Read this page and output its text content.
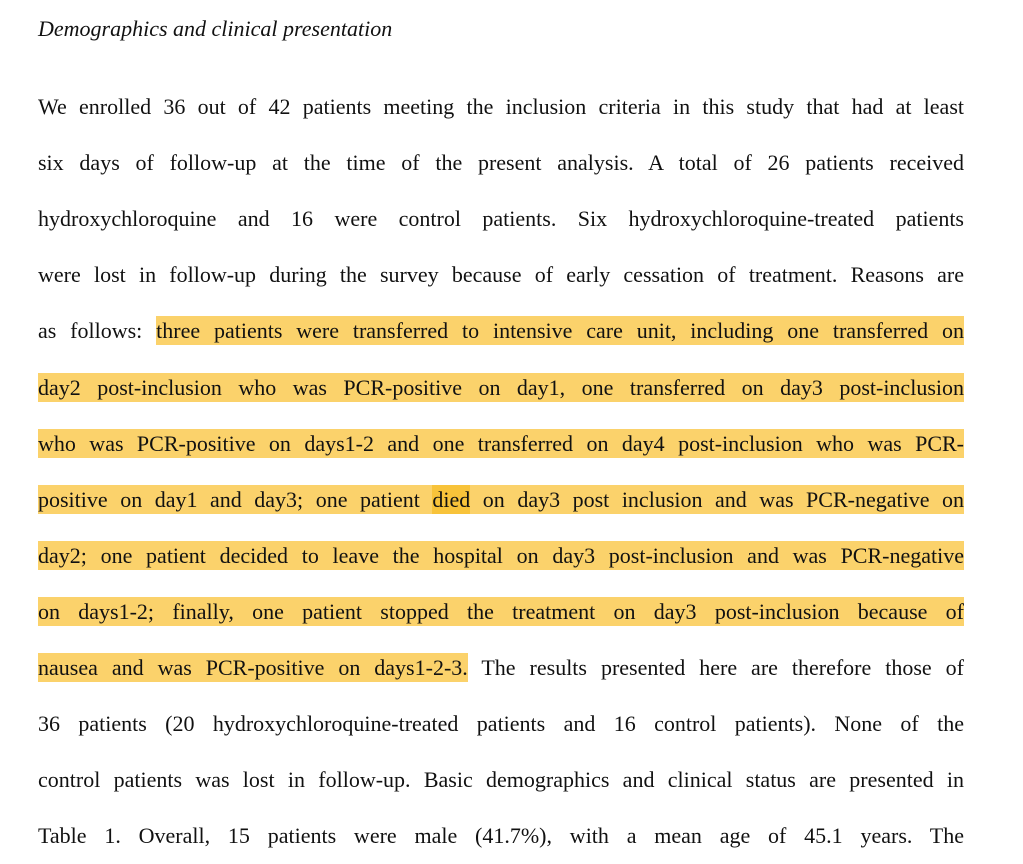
Demographics and clinical presentation
We enrolled 36 out of 42 patients meeting the inclusion criteria in this study that had at least
six days of follow-up at the time of the present analysis. A total of 26 patients received
hydroxychloroquine and 16 were control patients. Six hydroxychloroquine-treated patients
were lost in follow-up during the survey because of early cessation of treatment. Reasons are
as follows: three patients were transferred to intensive care unit, including one transferred on
day2 post-inclusion who was PCR-positive on day1, one transferred on day3 post-inclusion
who was PCR-positive on days1-2 and one transferred on day4 post-inclusion who was PCR-
positive on day1 and day3; one patient died on day3 post inclusion and was PCR-negative on
day2; one patient decided to leave the hospital on day3 post-inclusion and was PCR-negative
on days1-2; finally, one patient stopped the treatment on day3 post-inclusion because of
nausea and was PCR-positive on days1-2-3. The results presented here are therefore those of
36 patients (20 hydroxychloroquine-treated patients and 16 control patients). None of the
control patients was lost in follow-up. Basic demographics and clinical status are presented in
Table 1. Overall, 15 patients were male (41.7%), with a mean age of 45.1 years. The
